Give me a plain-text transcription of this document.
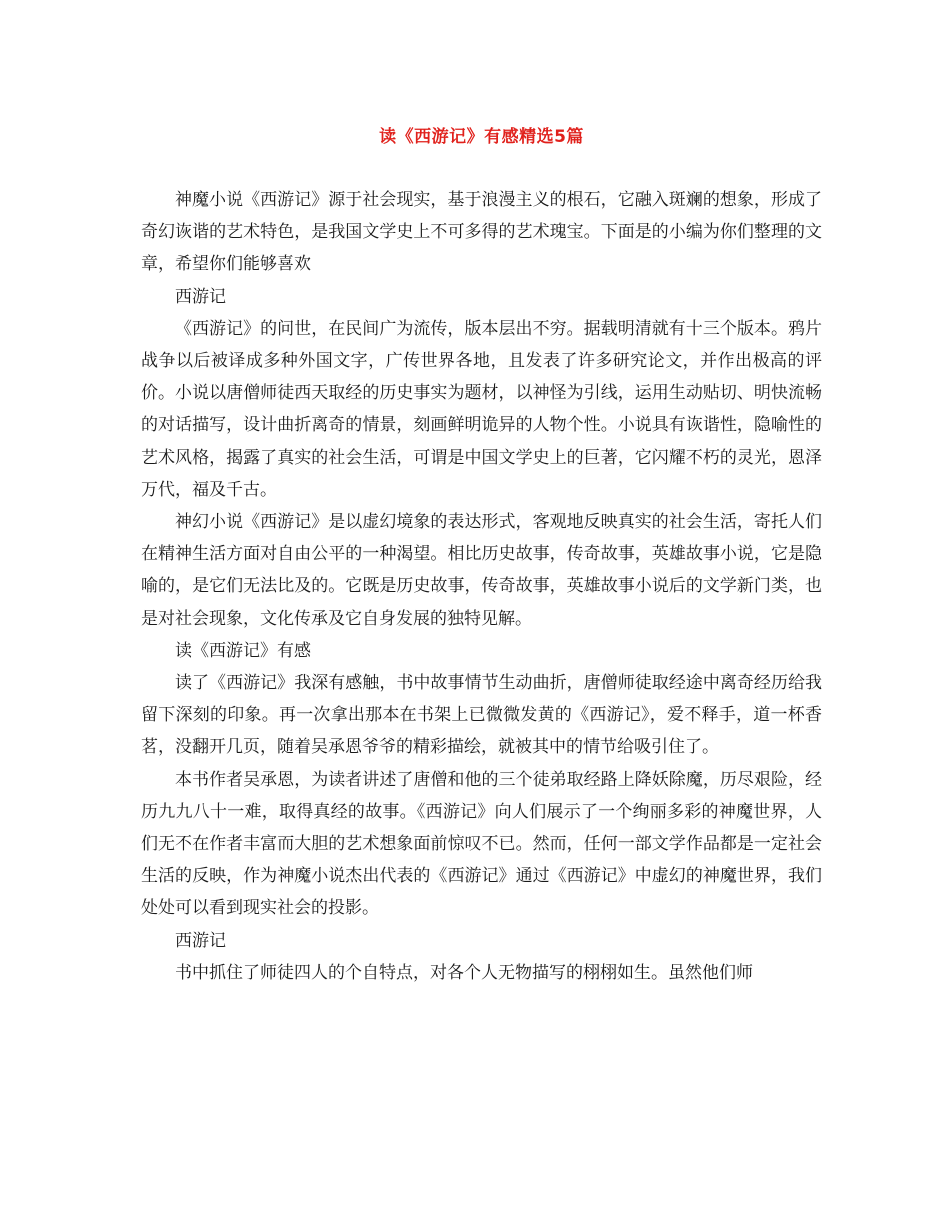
读《西游记》有感精选5篇

神魔小说《西游记》源于社会现实，基于浪漫主义的根石，它融入斑斓的想象，形成了奇幻诙谐的艺术特色，是我国文学史上不可多得的艺术瑰宝。下面是的小编为你们整理的文章，希望你们能够喜欢

西游记

《西游记》的问世，在民间广为流传，版本层出不穷。据载明清就有十三个版本。鸦片战争以后被译成多种外国文字，广传世界各地，且发表了许多研究论文，并作出极高的评价。小说以唐僧师徒西天取经的历史事实为题材，以神怪为引线，运用生动贴切、明快流畅的对话描写，设计曲折离奇的情景，刻画鲜明诡异的人物个性。小说具有诙谐性，隐喻性的艺术风格，揭露了真实的社会生活，可谓是中国文学史上的巨著，它闪耀不朽的灵光，恩泽万代，福及千古。

神幻小说《西游记》是以虚幻境象的表达形式，客观地反映真实的社会生活，寄托人们在精神生活方面对自由公平的一种渴望。相比历史故事，传奇故事，英雄故事小说，它是隐喻的，是它们无法比及的。它既是历史故事，传奇故事，英雄故事小说后的文学新门类，也是对社会现象，文化传承及它自身发展的独特见解。

读《西游记》有感

读了《西游记》我深有感触，书中故事情节生动曲折，唐僧师徒取经途中离奇经历给我留下深刻的印象。再一次拿出那本在书架上已微微发黄的《西游记》，爱不释手，道一杯香茗，没翻开几页，随着吴承恩爷爷的精彩描绘，就被其中的情节给吸引住了。

本书作者吴承恩，为读者讲述了唐僧和他的三个徒弟取经路上降妖除魔，历尽艰险，经历九九八十一难，取得真经的故事。《西游记》向人们展示了一个绚丽多彩的神魔世界，人们无不在作者丰富而大胆的艺术想象面前惊叹不已。然而，任何一部文学作品都是一定社会生活的反映，作为神魔小说杰出代表的《西游记》通过《西游记》中虚幻的神魔世界，我们处处可以看到现实社会的投影。

西游记

书中抓住了师徒四人的个自特点，对各个人无物描写的栩栩如生。虽然他们师
